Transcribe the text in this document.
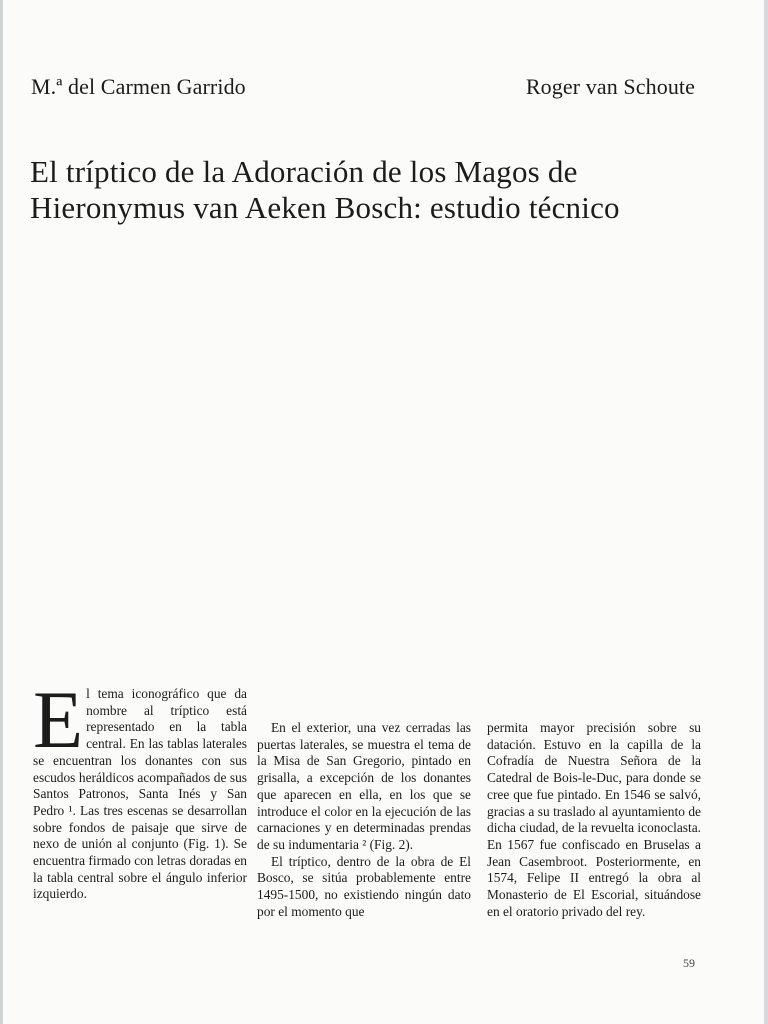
M.ª del Carmen Garrido	Roger van Schoute
El tríptico de la Adoración de los Magos de
Hieronymus van Aeken Bosch: estudio técnico

El tema iconográfico que da nombre al tríptico está representado en la tabla central. En las tablas laterales se encuentran los donantes con sus escudos heráldicos acompañados de sus Santos Patronos, Santa Inés y San Pedro ¹. Las tres escenas se desarrollan sobre fondos de paisaje que sirve de nexo de unión al conjunto (Fig. 1). Se encuentra firmado con letras doradas en la tabla central sobre el ángulo inferior izquierdo.

En el exterior, una vez cerradas las puertas laterales, se muestra el tema de la Misa de San Gregorio, pintado en grisalla, a excepción de los donantes que aparecen en ella, en los que se introduce el color en la ejecución de las carnaciones y en determinadas prendas de su indumentaria ² (Fig. 2).

El tríptico, dentro de la obra de El Bosco, se sitúa probablemente entre 1495-1500, no existiendo ningún dato por el momento que

permita mayor precisión sobre su datación. Estuvo en la capilla de la Cofradía de Nuestra Señora de la Catedral de Bois-le-Duc, para donde se cree que fue pintado. En 1546 se salvó, gracias a su traslado al ayuntamiento de dicha ciudad, de la revuelta iconoclasta. En 1567 fue confiscado en Bruselas a Jean Casembroot. Posteriormente, en 1574, Felipe II entregó la obra al Monasterio de El Escorial, situándose en el oratorio privado del rey.

59
